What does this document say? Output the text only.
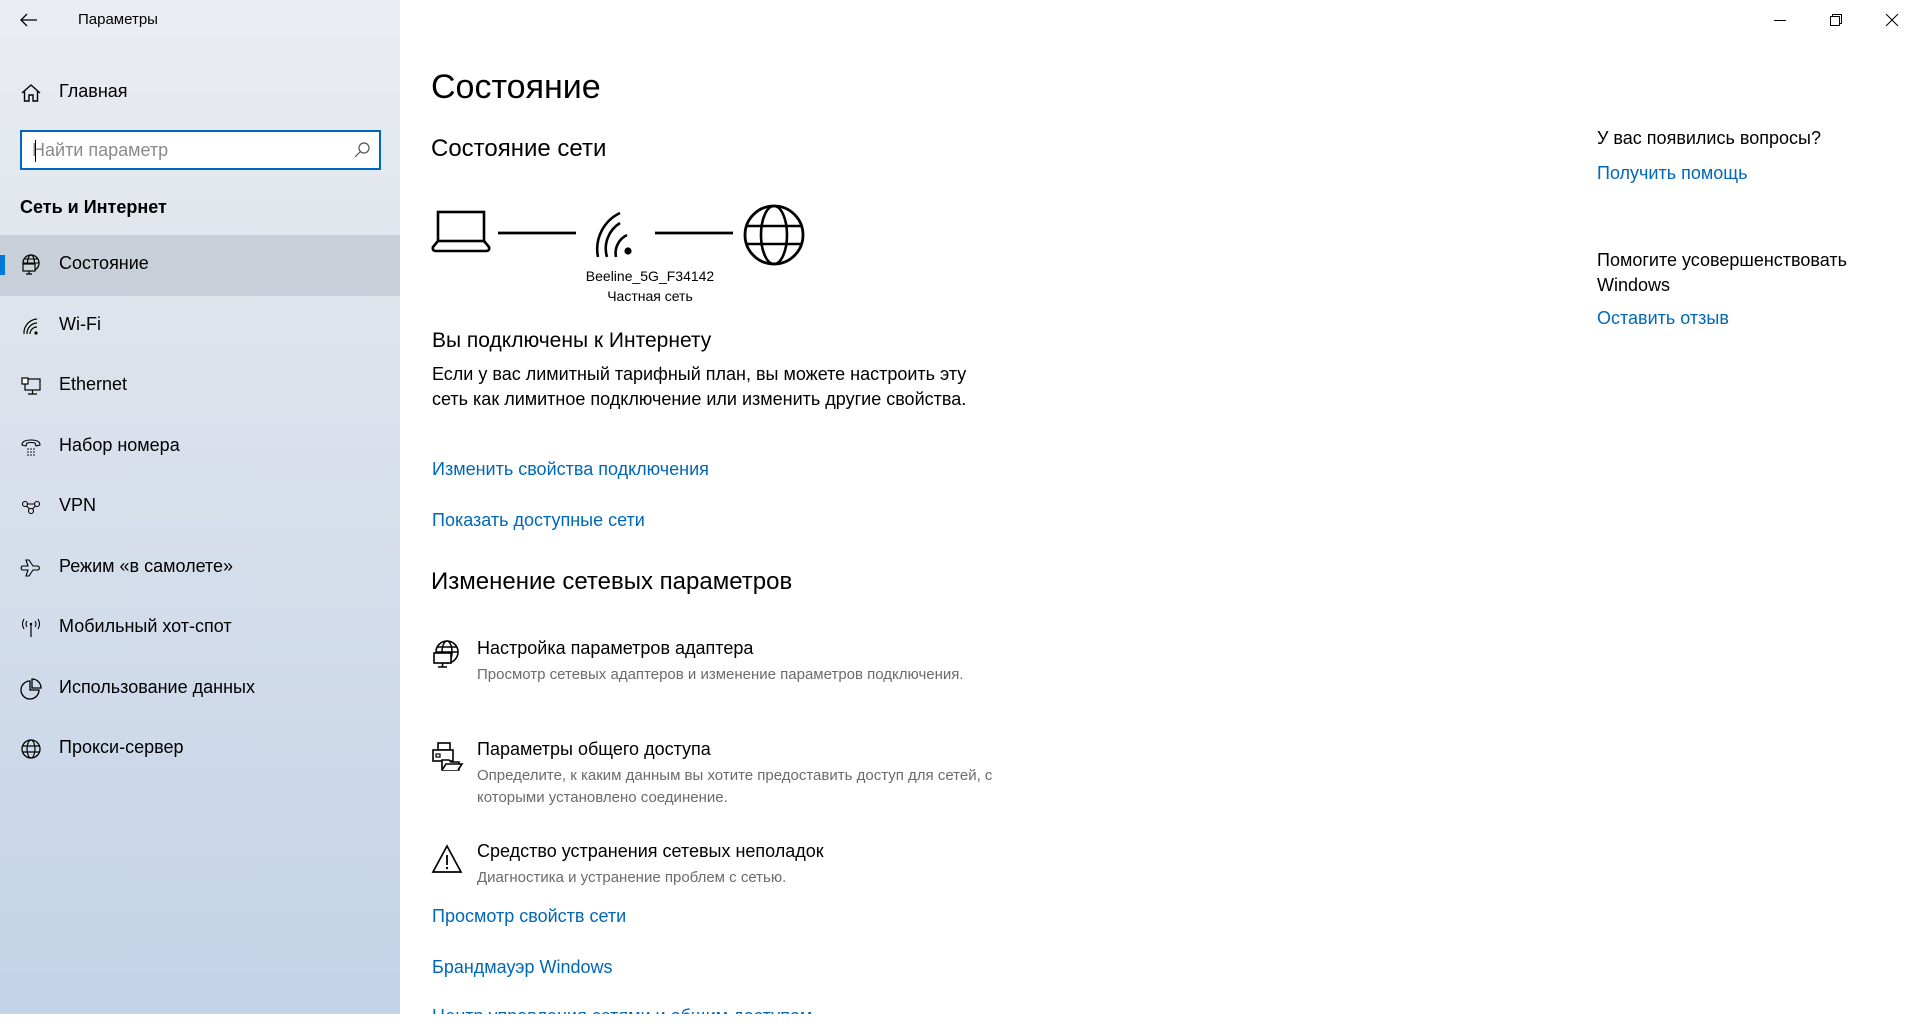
Параметры
Главная
Найти параметр
Сеть и Интернет
Состояние
Wi-Fi
Ethernet
Набор номера
VPN
Режим «в самолете»
Мобильный хот-спот
Использование данных
Прокси-сервер
Состояние
Состояние сети
Beeline_5G_F34142
Частная сеть
Вы подключены к Интернету
Если у вас лимитный тарифный план, вы можете настроить эту сеть как лимитное подключение или изменить другие свойства.
Изменить свойства подключения
Показать доступные сети
Изменение сетевых параметров
Настройка параметров адаптера
Просмотр сетевых адаптеров и изменение параметров подключения.
Параметры общего доступа
Определите, к каким данным вы хотите предоставить доступ для сетей, с которыми установлено соединение.
Средство устранения сетевых неполадок
Диагностика и устранение проблем с сетью.
Просмотр свойств сети
Брандмауэр Windows
У вас появились вопросы?
Получить помощь
Помогите усовершенствовать Windows
Оставить отзыв
